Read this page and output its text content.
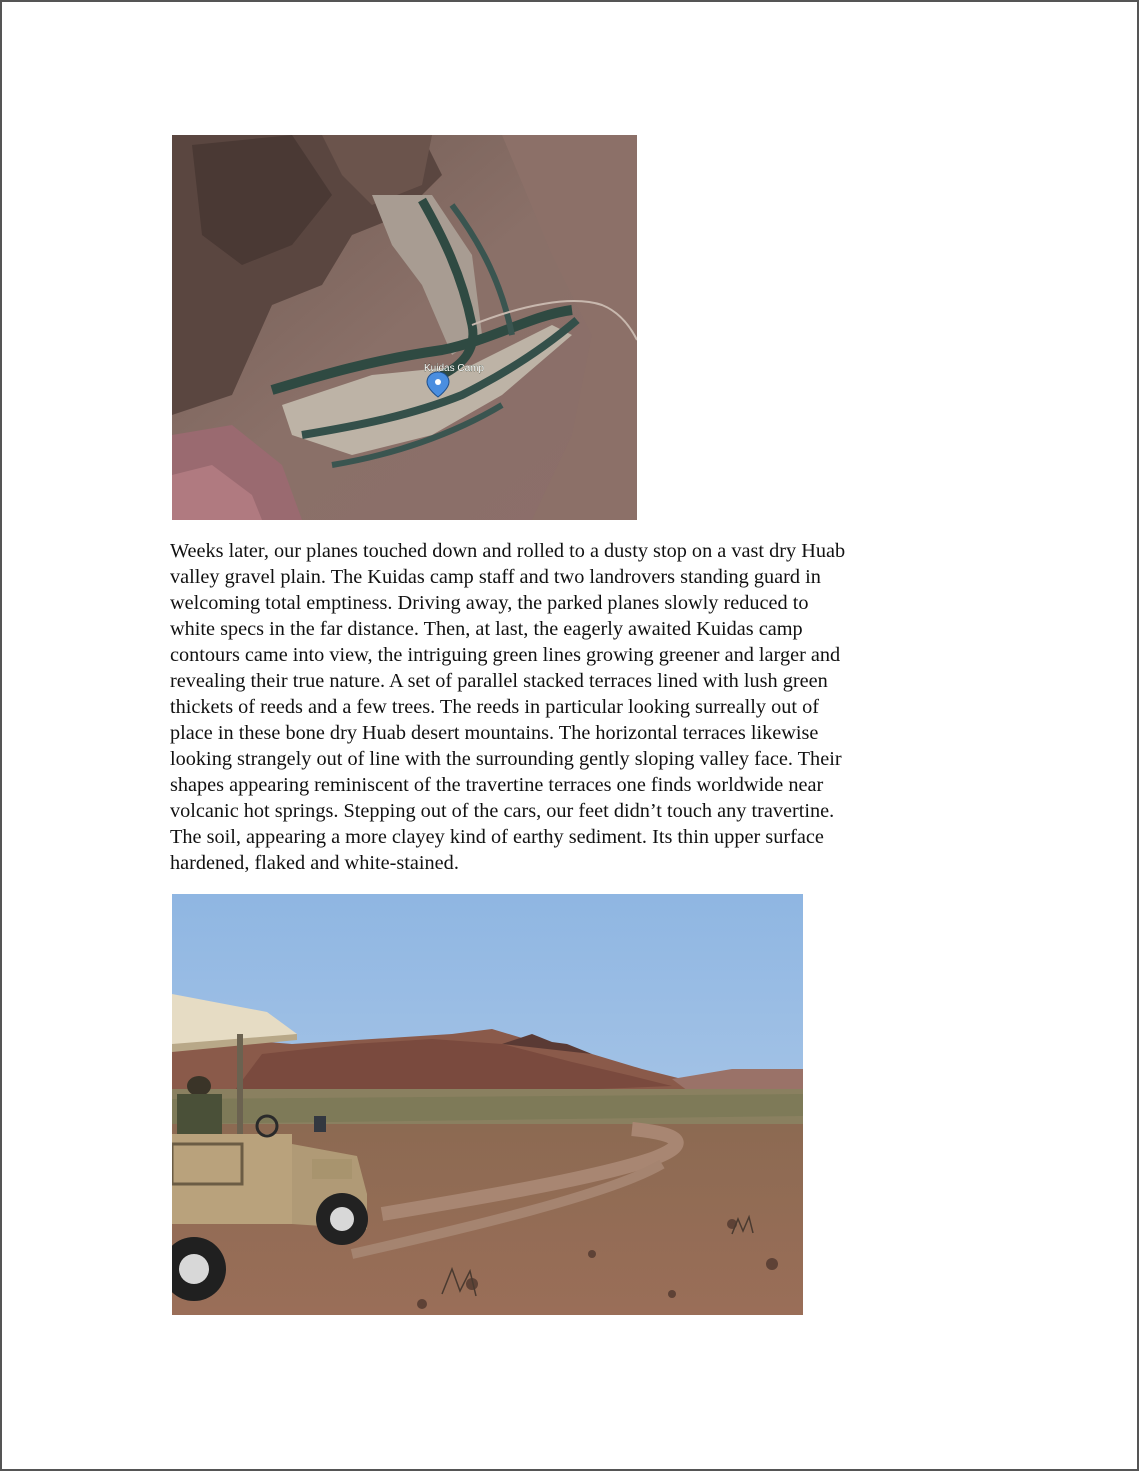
Kuidas Camp

Weeks later, our planes touched down and rolled to a dusty stop on a vast dry Huab
valley gravel plain. The Kuidas camp staff and two landrovers standing guard in
welcoming total emptiness. Driving away, the parked planes slowly reduced to
white specs in the far distance. Then, at last, the eagerly awaited Kuidas camp
contours came into view, the intriguing green lines growing greener and larger and
revealing their true nature. A set of parallel stacked terraces lined with lush green
thickets of reeds and a few trees. The reeds in particular looking surreally out of
place in these bone dry Huab desert mountains. The horizontal terraces likewise
looking strangely out of line with the surrounding gently sloping valley face. Their
shapes appearing reminiscent of the travertine terraces one finds worldwide near
volcanic hot springs. Stepping out of the cars, our feet didn’t touch any travertine.
The soil, appearing a more clayey kind of earthy sediment. Its thin upper surface
hardened, flaked and white-stained.
